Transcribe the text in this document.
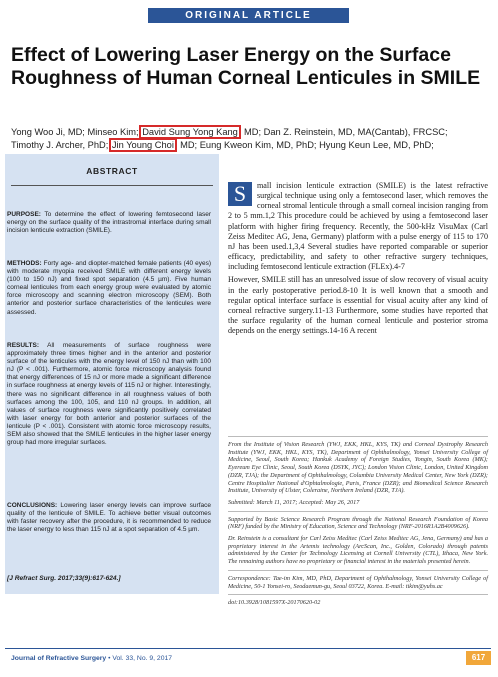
ORIGINAL ARTICLE
Effect of Lowering Laser Energy on the Surface Roughness of Human Corneal Lenticules in SMILE
Yong Woo Ji, MD; Minseo Kim; David Sung Yong Kang, MD; Dan Z. Reinstein, MD, MA(Cantab), FRCSC;
Timothy J. Archer, PhD; Jin Young Choi, MD; Eung Kweon Kim, MD, PhD; Hyung Keun Lee, MD, PhD;
ABSTRACT
PURPOSE: To determine the effect of lowering femtosecond laser energy on the surface quality of the intrastromal interface during small incision lenticule extraction (SMILE).
METHODS: Forty age- and diopter-matched female patients (40 eyes) with moderate myopia received SMILE with different energy levels (100 to 150 nJ) and fixed spot separation (4.5 µm). Five human corneal lenticules from each energy group were evaluated by atomic force microscopy and scanning electron microscopy (SEM). Both anterior and posterior surface characteristics of the lenticules were assessed.
RESULTS: All measurements of surface roughness were approximately three times higher and in the anterior and posterior surface of the lenticules with the energy level of 150 nJ than with 100 nJ (P < .001). Furthermore, atomic force microscopy analysis found that energy differences of 15 nJ or more made a significant difference in surface roughness at energy levels of 115 nJ or higher. Interestingly, there was no significant difference in all roughness values of both surfaces among the 100, 105, and 110 nJ groups. In addition, all values of surface roughness were significantly positively correlated with laser energy for both anterior and posterior surfaces of the lenticule (P < .001). Consistent with atomic force microscopy results, SEM also showed that the SMILE lenticules in the higher laser energy group had more irregular surfaces.
CONCLUSIONS: Lowering laser energy levels can improve surface quality of the lenticule of SMILE. To achieve better visual outcomes with faster recovery after the procedure, it is recommended to reduce the laser energy to less than 115 nJ at a spot separation of 4.5 µm.
[J Refract Surg. 2017;33(9):617-624.]

S	mall incision lenticule extraction (SMILE) is the latest refractive surgical technique using only a femtosecond laser, which removes the corneal stromal lenticule through a small corneal incision ranging from 2 to 5 mm.1,2 This procedure could be achieved by using a femtosecond laser platform with higher firing frequency. Recently, the 500-kHz VisuMax (Carl Zeiss Meditec AG, Jena, Germany) platform with a pulse energy of 115 to 170 nJ has been used.1,3,4 Several studies have reported comparable or superior efficacy, predictability, and safety to other refractive surgery techniques, including femtosecond lenticule extraction (FLEx).4-7

However, SMILE still has an unresolved issue of slow recovery of visual acuity in the early postoperative period.8-10 It is well known that a smooth and regular optical interface surface is essential for visual acuity after any kind of corneal refractive surgery.11-13 Furthermore, some studies have reported that the surface regularity of the human corneal lenticule and posterior stroma depends on the energy settings.14-16 A recent

From the Institute of Vision Research (YWJ, EKK, HKL, KYS, TK) and Corneal Dystrophy Research Institute (YWJ, EKK, HKL, KYS, TK), Department of Ophthalmology, Yonsei University College of Medicine, Seoul, South Korea; Hankuk Academy of Foreign Studies, Yongin, South Korea (MK); Eyereum Eye Clinic, Seoul, South Korea (DSYK, JYC); London Vision Clinic, London, United Kingdom (DZR, TJA); the Department of Ophthalmology, Columbia University Medical Center, New York (DZR); Centre Hospitalier National d'Ophtalmologie, Paris, France (DZR); and Biomedical Science Research Institute, University of Ulster, Coleraine, Northern Ireland (DZR, TJA).

Submitted: March 11, 2017; Accepted: May 26, 2017

Supported by Basic Science Research Program through the National Research Foundation of Korea (NRF) funded by the Ministry of Education, Science and Technology (NRF-2016R1A2B4009626).

Dr. Reinstein is a consultant for Carl Zeiss Meditec (Carl Zeiss Meditec AG, Jena, Germany) and has a proprietary interest in the Artemis technology (ArcScan, Inc., Golden, Colorado) through patents administered by the Center for Technology Licensing at Cornell University (CTL), Ithaca, New York. The remaining authors have no proprietary or financial interest in the materials presented herein.

Correspondence: Tae-im Kim, MD, PhD, Department of Ophthalmology, Yonsei University College of Medicine, 50-1 Yonsei-ro, Seodaemun-gu, Seoul 03722, Korea. E-mail: tikim@yuhs.ac

doi:10.3928/1081597X-20170620-02

Journal of Refractive Surgery • Vol. 33, No. 9, 2017	617
